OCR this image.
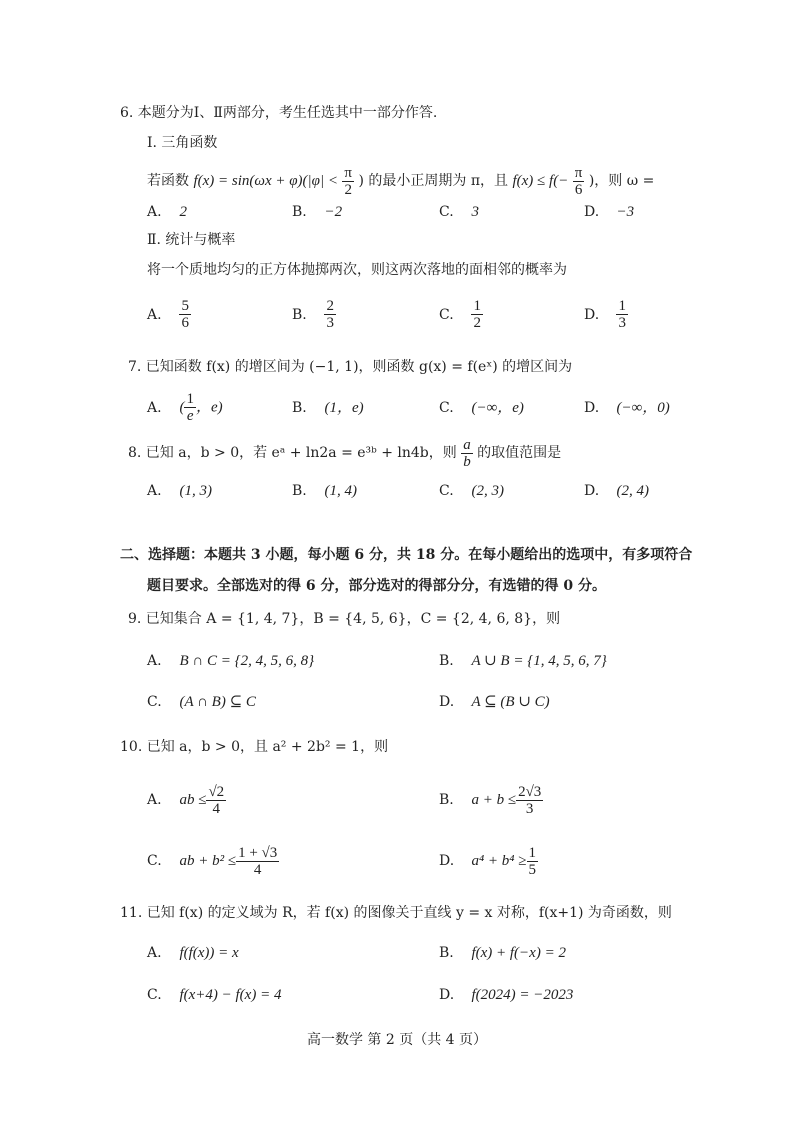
6. 本题分为Ⅰ、Ⅱ两部分，考生任选其中一部分作答.
Ⅰ. 三角函数
若函数 $f(x) = \sin(\omega x + \varphi)(|\varphi| < \frac{\pi}{2}$ ) 的最小正周期为 π，且 $f(x) \le f(- \frac{\pi}{6}$ )，则 ω =
A. 2	B. −2	C. 3	D. −3
Ⅱ. 统计与概率
将一个质地均匀的正方体抛掷两次，则这两次落地的面相邻的概率为
A. $\frac{5}{6}$	B. $\frac{2}{3}$	C. $\frac{1}{2}$	D. $\frac{1}{3}$
7. 已知函数 f(x) 的增区间为 (−1, 1)，则函数 g(x) = f(eˣ) 的增区间为
A. ( $\frac{1}{e}$ ，e)	B. (1，e)	C. (−∞，e)	D. (−∞，0)
8. 已知 a，b > 0，若 eᵃ + ln2a = e³ᵇ + ln4b，则 $\frac{a}{b}$ 的取值范围是
A. (1, 3)	B. (1, 4)	C. (2, 3)	D. (2, 4)
二、选择题：本题共 3 小题，每小题 6 分，共 18 分。在每小题给出的选项中，有多项符合
题目要求。全部选对的得 6 分，部分选对的得部分分，有选错的得 0 分。
9. 已知集合 A = {1, 4, 7}，B = {4, 5, 6}，C = {2, 4, 6, 8}，则
A. B ∩ C = {2, 4, 5, 6, 8}	B. A ∪ B = {1, 4, 5, 6, 7}
C. (A ∩ B) ⊆ C	D. A ⊆ (B ∪ C)
10. 已知 a，b > 0，且 a² + 2b² = 1，则
A. ab ≤ $\frac{√2}{4}$	B. $a + b \le \frac{2√3}{3}$
C. ab + $b^2 \le \frac{1 + √3}{4}$	D. $a^4 + b^4 \ge \frac{1}{5}$
11. 已知 f(x) 的定义域为 R，若 f(x) 的图像关于直线 y = x 对称，f(x+1) 为奇函数，则
A. f(f(x)) = x	B. f(x) + f(−x) = 2
C. f(x+4) − f(x) = 4	D. f(2024) = −2023
高一数学 第 2 页（共 4 页）
